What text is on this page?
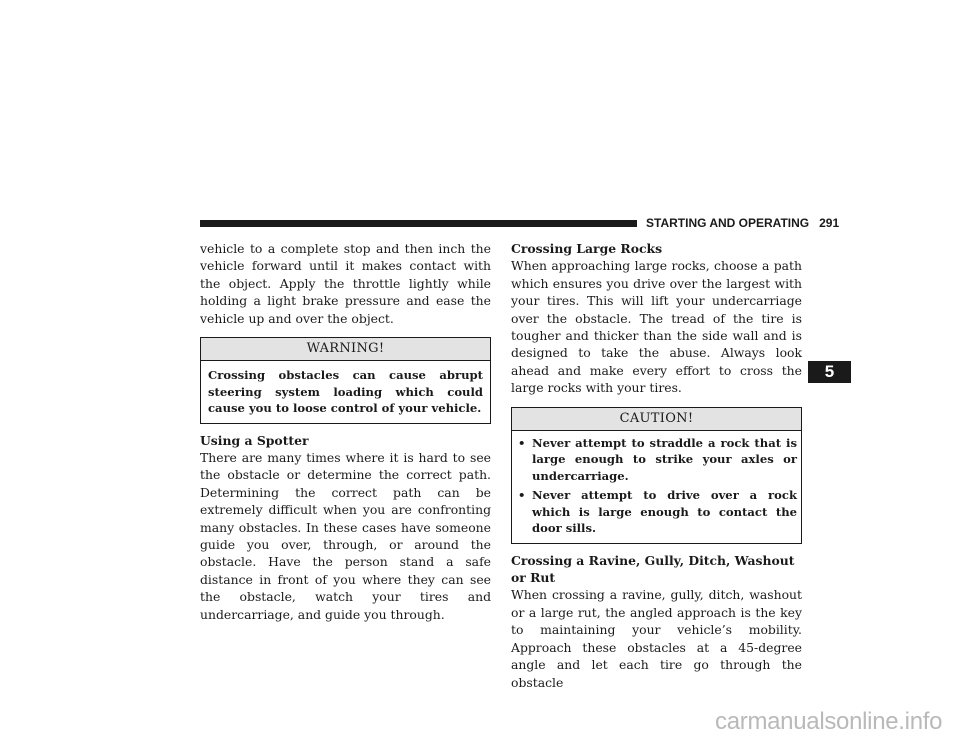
STARTING AND OPERATING 291

vehicle to a complete stop and then inch the vehicle forward until it makes contact with the object. Apply the throttle lightly while holding a light brake pressure and ease the vehicle up and over the object.

WARNING!
Crossing obstacles can cause abrupt steering system loading which could cause you to loose control of your vehicle.
Using a Spotter

There are many times where it is hard to see the obstacle or determine the correct path. Determining the correct path can be extremely difficult when you are confronting many obstacles. In these cases have someone guide you over, through, or around the obstacle. Have the person stand a safe distance in front of you where they can see the obstacle, watch your tires and undercarriage, and guide you through.

Crossing Large Rocks

When approaching large rocks, choose a path which ensures you drive over the largest with your tires. This will lift your undercarriage over the obstacle. The tread of the tire is tougher and thicker than the side wall and is designed to take the abuse. Always look ahead and make every effort to cross the large rocks with your tires.

CAUTION!
• Never attempt to straddle a rock that is large enough to strike your axles or undercarriage.
• Never attempt to drive over a rock which is large enough to contact the door sills.
Crossing a Ravine, Gully, Ditch, Washout or Rut

When crossing a ravine, gully, ditch, washout or a large rut, the angled approach is the key to maintaining your vehicle’s mobility. Approach these obstacles at a 45-degree angle and let each tire go through the obstacle

5
carmanualsonline.info
